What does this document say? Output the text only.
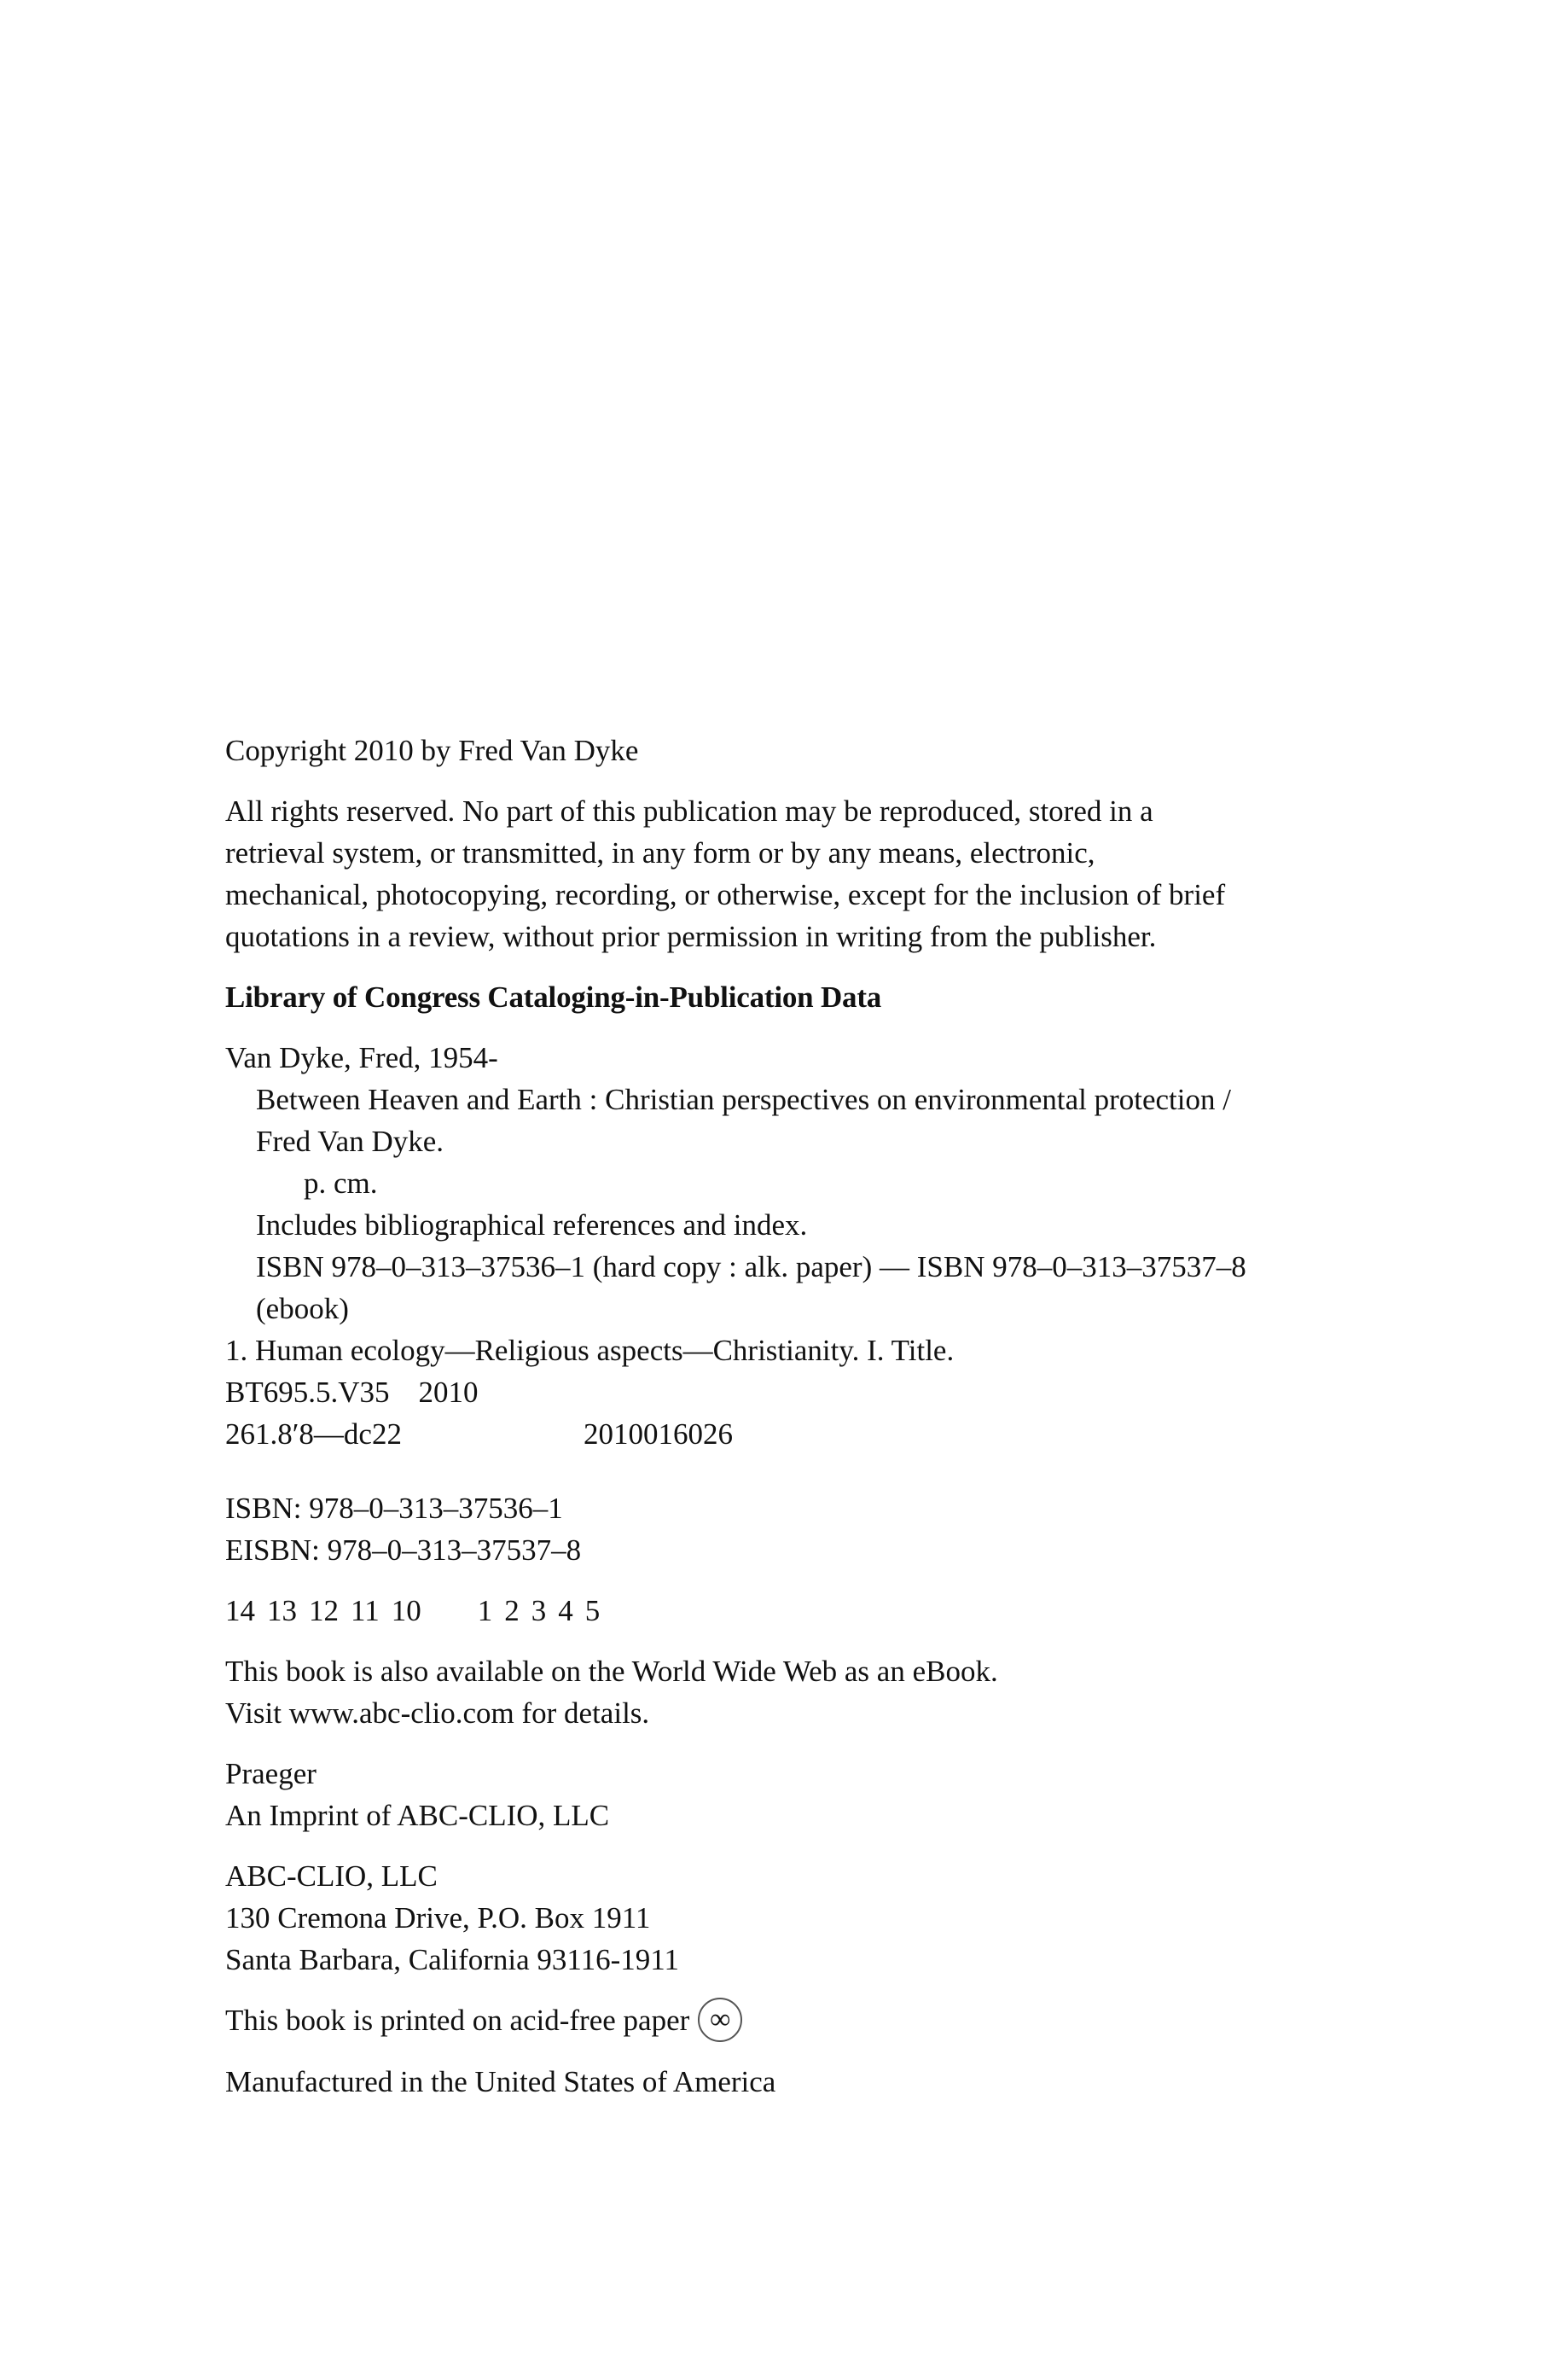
Copyright 2010 by Fred Van Dyke
All rights reserved. No part of this publication may be reproduced, stored in a
retrieval system, or transmitted, in any form or by any means, electronic,
mechanical, photocopying, recording, or otherwise, except for the inclusion of brief
quotations in a review, without prior permission in writing from the publisher.
Library of Congress Cataloging-in-Publication Data
Van Dyke, Fred, 1954-
Between Heaven and Earth : Christian perspectives on environmental protection /
Fred Van Dyke.
p. cm.
Includes bibliographical references and index.
ISBN 978–0–313–37536–1 (hard copy : alk. paper) — ISBN 978–0–313–37537–8
(ebook)
1. Human ecology—Religious aspects—Christianity. I. Title.
BT695.5.V35 2010
261.8′8—dc22	2010016026
ISBN: 978–0–313–37536–1
EISBN: 978–0–313–37537–8
14 13 12 11 10 1 2 3 4 5
This book is also available on the World Wide Web as an eBook.
Visit www.abc-clio.com for details.
Praeger
An Imprint of ABC-CLIO, LLC
ABC-CLIO, LLC
130 Cremona Drive, P.O. Box 1911
Santa Barbara, California 93116-1911
This book is printed on acid-free paper ∞
Manufactured in the United States of America
